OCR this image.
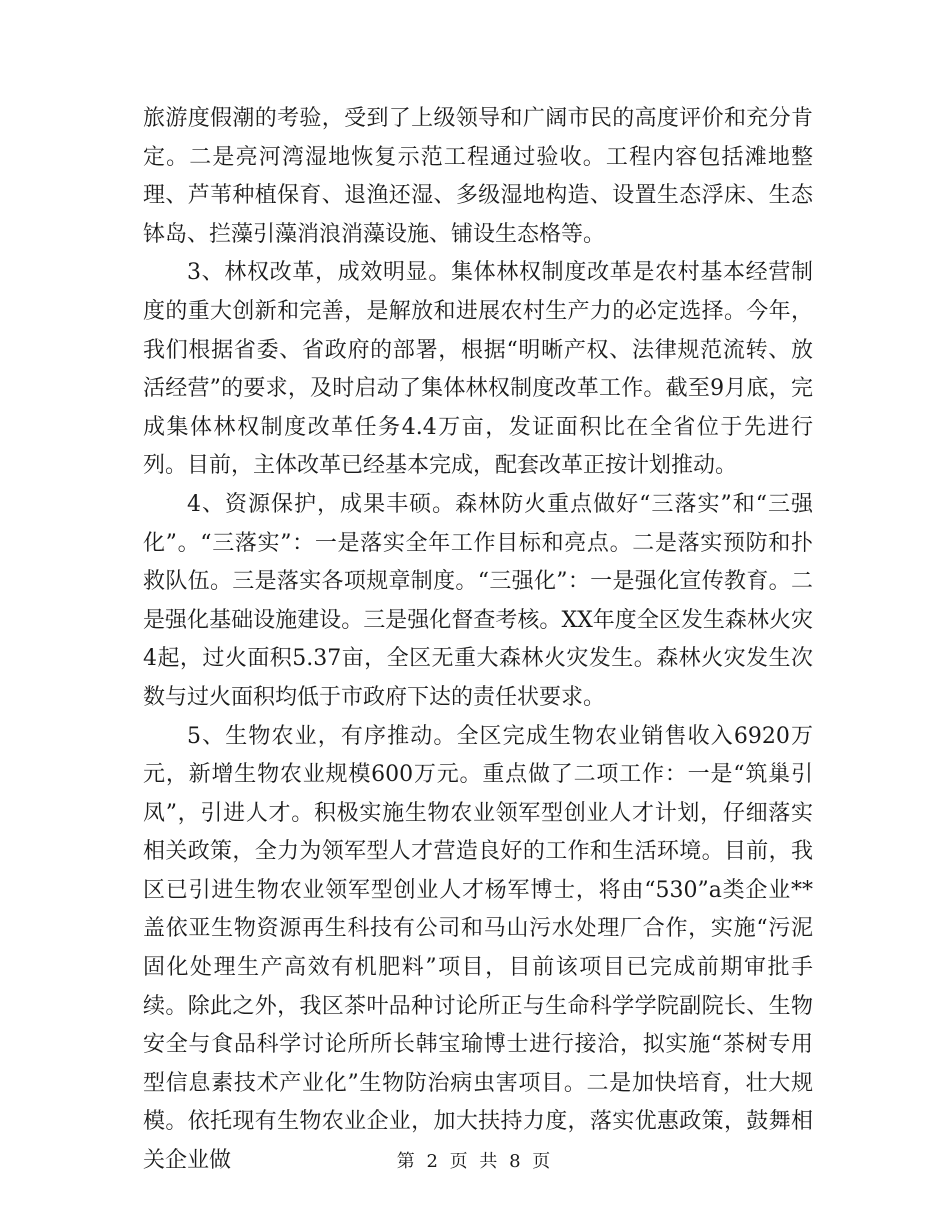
旅游度假潮的考验，受到了上级领导和广阔市民的高度评价和充分肯定。二是亮河湾湿地恢复示范工程通过验收。工程内容包括滩地整理、芦苇种植保育、退渔还湿、多级湿地构造、设置生态浮床、生态钵岛、拦藻引藻消浪消藻设施、铺设生态格等。

3、林权改革，成效明显。集体林权制度改革是农村基本经营制度的重大创新和完善，是解放和进展农村生产力的必定选择。今年，我们根据省委、省政府的部署，根据“明晰产权、法律规范流转、放活经营”的要求，及时启动了集体林权制度改革工作。截至9月底，完成集体林权制度改革任务4.4万亩，发证面积比在全省位于先进行列。目前，主体改革已经基本完成，配套改革正按计划推动。

4、资源保护，成果丰硕。森林防火重点做好“三落实”和“三强化”。“三落实”：一是落实全年工作目标和亮点。二是落实预防和扑救队伍。三是落实各项规章制度。“三强化”：一是强化宣传教育。二是强化基础设施建设。三是强化督查考核。XX年度全区发生森林火灾4起，过火面积5.37亩，全区无重大森林火灾发生。森林火灾发生次数与过火面积均低于市政府下达的责任状要求。

5、生物农业，有序推动。全区完成生物农业销售收入6920万元，新增生物农业规模600万元。重点做了二项工作：一是“筑巢引凤”，引进人才。积极实施生物农业领军型创业人才计划，仔细落实相关政策，全力为领军型人才营造良好的工作和生活环境。目前，我区已引进生物农业领军型创业人才杨军博士，将由“530”a类企业**盖依亚生物资源再生科技有公司和马山污水处理厂合作，实施“污泥固化处理生产高效有机肥料”项目，目前该项目已完成前期审批手续。除此之外，我区茶叶品种讨论所正与生命科学学院副院长、生物安全与食品科学讨论所所长韩宝瑜博士进行接洽，拟实施“茶树专用型信息素技术产业化”生物防治病虫害项目。二是加快培育，壮大规模。依托现有生物农业企业，加大扶持力度，落实优惠政策，鼓舞相关企业做	第 2 页 共 8 页
